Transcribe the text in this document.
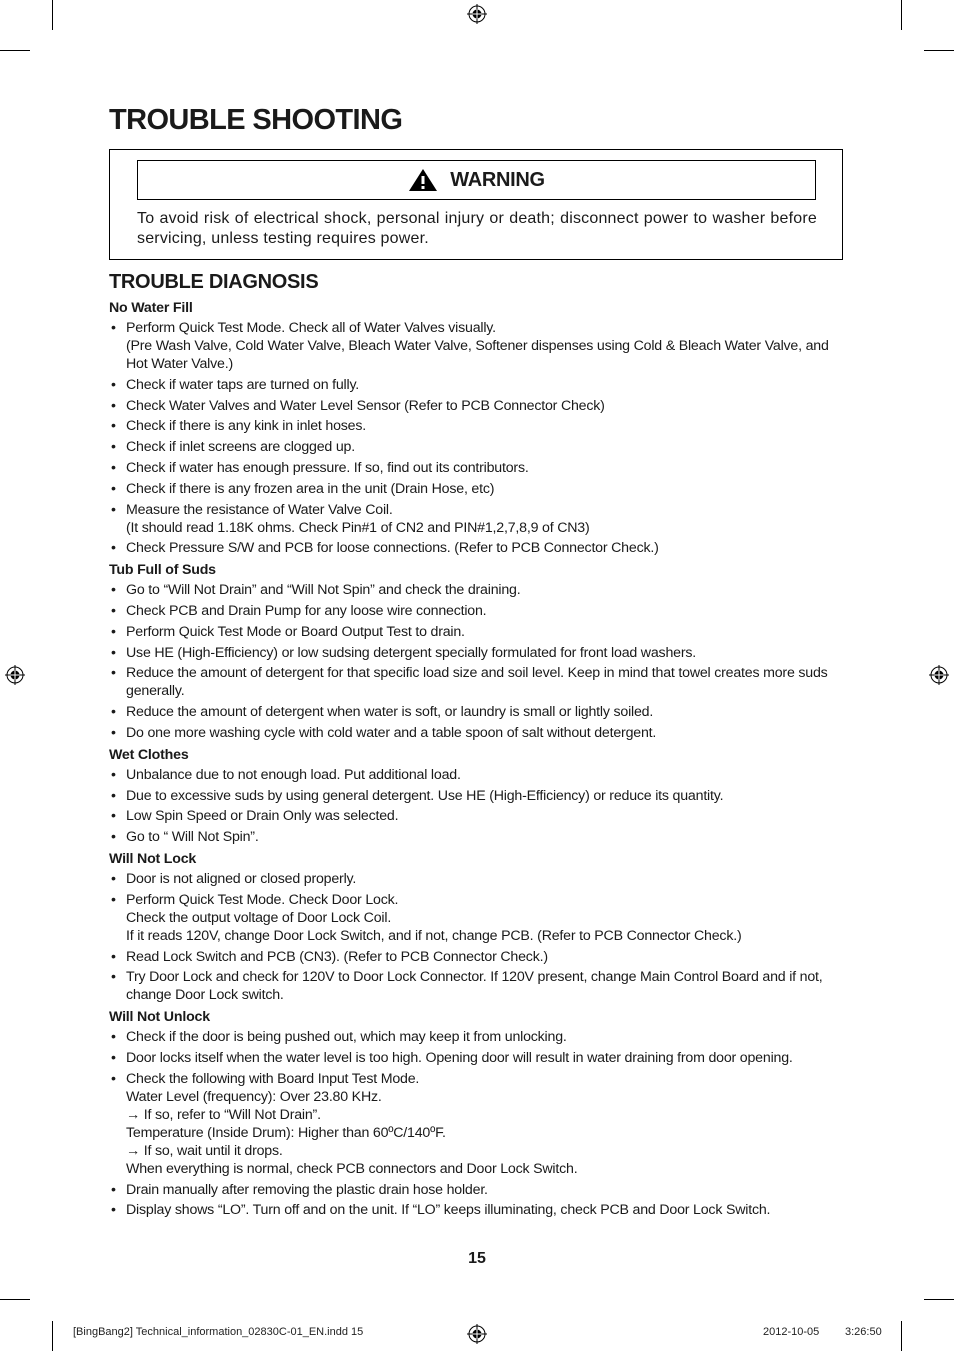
TROUBLE SHOOTING
WARNING

To avoid risk of electrical shock, personal injury or death; disconnect power to washer before servicing, unless testing requires power.

TROUBLE DIAGNOSIS
No Water Fill
• Perform Quick Test Mode. Check all of Water Valves visually.
(Pre Wash Valve, Cold Water Valve, Bleach Water Valve, Softener dispenses using Cold & Bleach Water Valve, and Hot Water Valve.)
• Check if water taps are turned on fully.
• Check Water Valves and Water Level Sensor (Refer to PCB Connector Check)
• Check if there is any kink in inlet hoses.
• Check if inlet screens are clogged up.
• Check if water has enough pressure. If so, find out its contributors.
• Check if there is any frozen area in the unit (Drain Hose, etc)
• Measure the resistance of Water Valve Coil.
(It should read 1.18K ohms. Check Pin#1 of CN2 and PIN#1,2,7,8,9 of CN3)
• Check Pressure S/W and PCB for loose connections. (Refer to PCB Connector Check.)
Tub Full of Suds
• Go to “Will Not Drain” and “Will Not Spin” and check the draining.
• Check PCB and Drain Pump for any loose wire connection.
• Perform Quick Test Mode or Board Output Test to drain.
• Use HE (High-Efficiency) or low sudsing detergent specially formulated for front load washers.
• Reduce the amount of detergent for that specific load size and soil level. Keep in mind that towel creates more suds generally.
• Reduce the amount of detergent when water is soft, or laundry is small or lightly soiled.
• Do one more washing cycle with cold water and a table spoon of salt without detergent.
Wet Clothes
• Unbalance due to not enough load. Put additional load.
• Due to excessive suds by using general detergent. Use HE (High-Efficiency) or reduce its quantity.
• Low Spin Speed or Drain Only was selected.
• Go to “ Will Not Spin”.
Will Not Lock
• Door is not aligned or closed properly.
• Perform Quick Test Mode. Check Door Lock.
Check the output voltage of Door Lock Coil.
If it reads 120V, change Door Lock Switch, and if not, change PCB. (Refer to PCB Connector Check.)
• Read Lock Switch and PCB (CN3). (Refer to PCB Connector Check.)
• Try Door Lock and check for 120V to Door Lock Connector. If 120V present, change Main Control Board and if not, change Door Lock switch.
Will Not Unlock
• Check if the door is being pushed out, which may keep it from unlocking.
• Door locks itself when the water level is too high. Opening door will result in water draining from door opening.
• Check the following with Board Input Test Mode.
Water Level (frequency): Over 23.80 KHz.
→ If so, refer to “Will Not Drain”.
Temperature (Inside Drum): Higher than 60ºC/140ºF.
→ If so, wait until it drops.
When everything is normal, check PCB connectors and Door Lock Switch.
• Drain manually after removing the plastic drain hose holder.
• Display shows “LO”. Turn off and on the unit. If “LO” keeps illuminating, check PCB and Door Lock Switch.
15
[BingBang2] Technical_information_02830C-01_EN.indd 15	2012-10-05 3:26:50
